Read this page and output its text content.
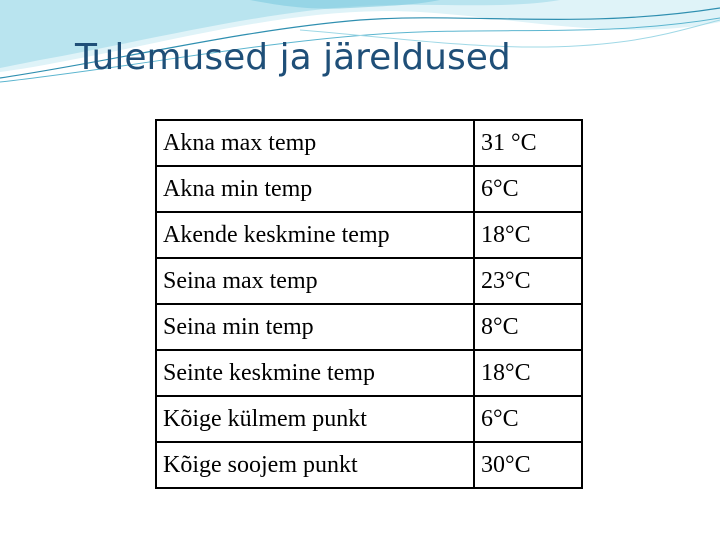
Tulemused ja järeldused
Akna max temp	31 °C
Akna min temp	6°C
Akende keskmine temp	18°C
Seina max temp	23°C
Seina min temp	8°C
Seinte keskmine temp	18°C
Kõige külmem punkt	6°C
Kõige soojem punkt	30°C
